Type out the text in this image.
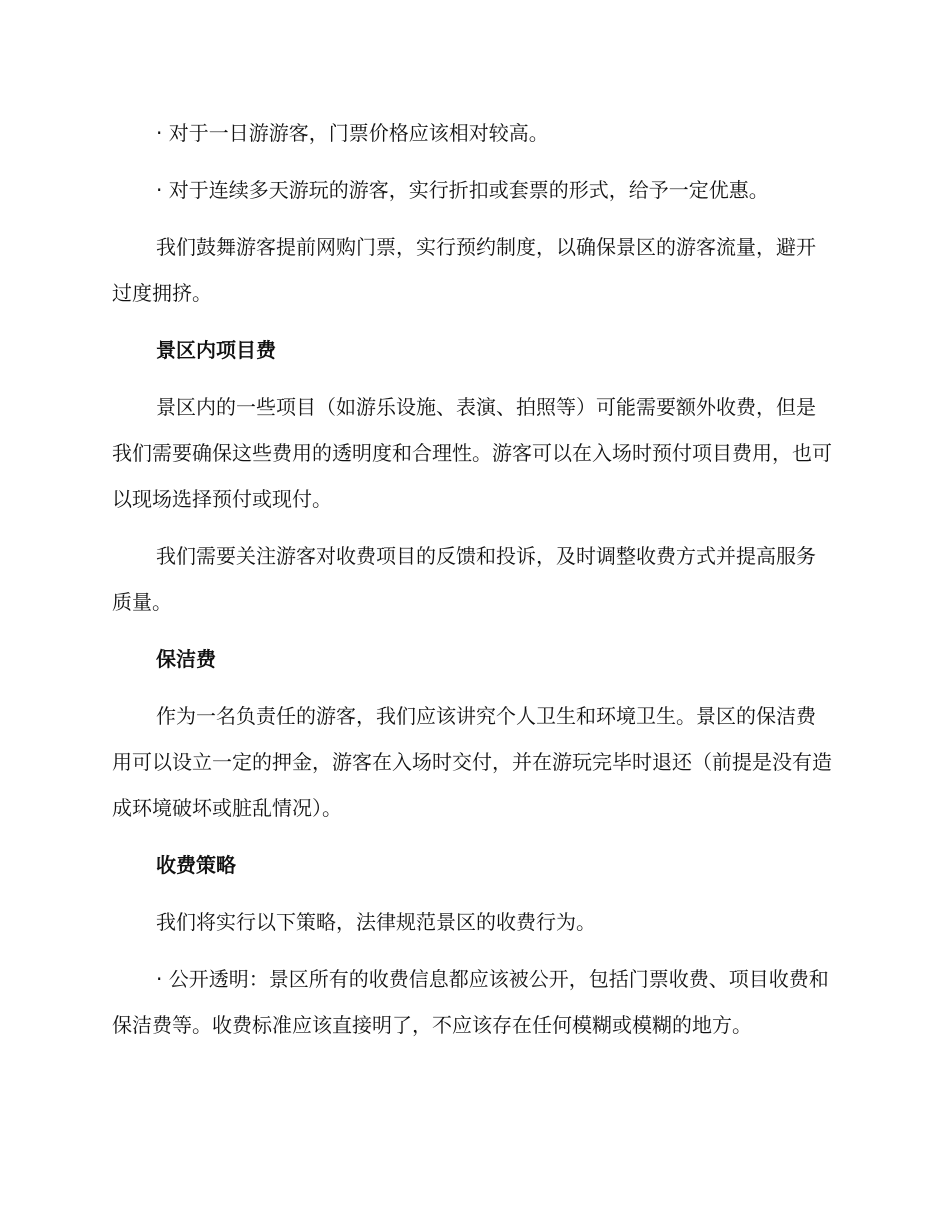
· 对于一日游游客，门票价格应该相对较高。

· 对于连续多天游玩的游客，实行折扣或套票的形式，给予一定优惠。

我们鼓舞游客提前网购门票，实行预约制度，以确保景区的游客流量，避开过度拥挤。

景区内项目费

景区内的一些项目（如游乐设施、表演、拍照等）可能需要额外收费，但是我们需要确保这些费用的透明度和合理性。游客可以在入场时预付项目费用，也可以现场选择预付或现付。

我们需要关注游客对收费项目的反馈和投诉，及时调整收费方式并提高服务质量。

保洁费

作为一名负责任的游客，我们应该讲究个人卫生和环境卫生。景区的保洁费用可以设立一定的押金，游客在入场时交付，并在游玩完毕时退还（前提是没有造成环境破坏或脏乱情况）。

收费策略

我们将实行以下策略，法律规范景区的收费行为。

· 公开透明：景区所有的收费信息都应该被公开，包括门票收费、项目收费和保洁费等。收费标准应该直接明了，不应该存在任何模糊或模糊的地方。
